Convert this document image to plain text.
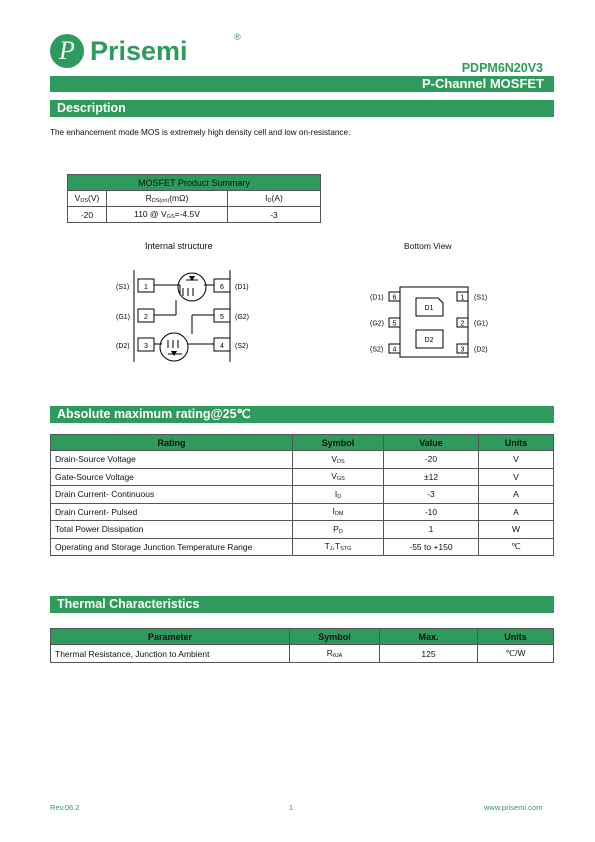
P Prisemi	®
PDPM6N20V3
P-Channel MOSFET
Description
The enhancement mode MOS is extremely high density cell and low on-resistance.
MOSFET Product Summary		
$V_{DS}(V)$	$R_{DS(on)}(m\Omega)$	$I_D(A)$
-20	110 @ $V_{GS}=-4.5V$	-3
Internal structure
1
2
3
6
5
4
(S1)
(G1)
(D2)
(D1)
(G2)
(S2)
Bottom View
6
5
4
1
2
3
D1
D2
(D1)
(G2)
(S2)
(S1)
(G1)
(D2)
Absolute maximum rating@25℃
Rating	Symbol	Value	Units
Drain-Source Voltage	$V_{DS}$	-20	V
Gate-Source Voltage	$V_{GS}$	±12	V
Drain Current- Continuous	$I_D$	-3	A
Drain Current- Pulsed	$I_{DM}$	-10	A
Total Power Dissipation	$P_D$	1	W
Operating and Storage Junction Temperature Range	$T_J,T_{STG}$	-55 to +150	℃
Thermal Characteristics
Parameter	Symbol	Max.	Units
Thermal Resistance, Junction to Ambient	$R_{\theta JA}$	125	℃/W
Rev.06.2	1	www.prisemi.com
